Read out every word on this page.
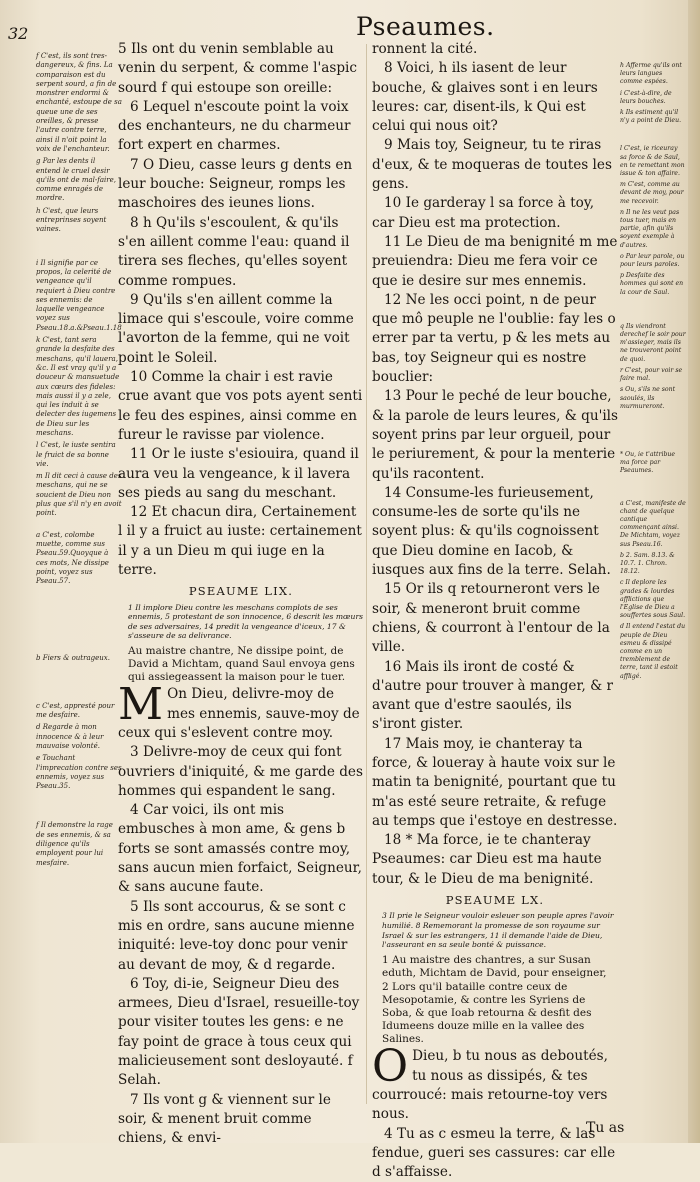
32	Pseaumes.

f C'est, ils sont tres-dangereux, & fins. La comparaison est du serpent sourd, a fin de monstrer endormi & enchanté, estoupe de sa queue une de ses oreilles, & presse l'autre contre terre, ainsi il n'oit point la voix de l'enchanteur.

g Par les dents il entend le cruel desir qu'ils ont de mal-faire, comme enragés de mordre.

h C'est, que leurs entreprinses soyent vaines.

i Il signifie par ce propos, la celerité de vengeance qu'il requiert à Dieu contre ses ennemis: de laquelle vengeance voyez sus Pseau.18.a.&Pseau.1.18

k C'est, tant sera grande la desfaite des meschans, qu'il lauera, &c. Il est vray qu'il y a douceur & mansuetude aux cœurs des fideles: mais aussi il y a zele, qui les induit à se delecter des iugemens de Dieu sur les meschans.

l C'est, le iuste sentira le fruict de sa bonne vie.

m Il dit ceci à cause des meschans, qui ne se soucient de Dieu non plus que s'il n'y en avoit point.

a C'est, colombe muette, comme sus Pseau.59.Quoyque à ces mots, Ne dissipe point, voyez sus Pseau.57.

b Fiers & outrageux.

c C'est, appresté pour me desfaire.

d Regarde à mon innocence & à leur mauvaise volonté.

e Touchant l'imprecation contre ses ennemis, voyez sus Pseau.35.

f Il demonstre la rage de ses ennemis, & sa diligence qu'ils employent pour lui mesfaire.

5 Ils ont du venin semblable au venin du serpent, & comme l'aspic sourd f qui estoupe son oreille:

6 Lequel n'escoute point la voix des enchanteurs, ne du charmeur fort expert en charmes.

7 O Dieu, casse leurs g dents en leur bouche: Seigneur, romps les maschoires des ieunes lions.

8 h Qu'ils s'escoulent, & qu'ils s'en aillent comme l'eau: quand il tirera ses fleches, qu'elles soyent comme rompues.

9 Qu'ils s'en aillent comme la limace qui s'escoule, voire comme l'avorton de la femme, qui ne voit point le Soleil.

10 Comme la chair i est ravie crue avant que vos pots ayent senti le feu des espines, ainsi comme en fureur le ravisse par violence.

11 Or le iuste s'esiouira, quand il aura veu la vengeance, k il lavera ses pieds au sang du meschant.

12 Et chacun dira, Certainement l il y a fruict au iuste: certainement il y a un Dieu m qui iuge en la terre.

PSEAUME LIX.

1 Il implore Dieu contre les meschans complots de ses ennemis, 5 protestant de son innocence, 6 descrit les mœurs de ses adversaires, 14 predit la vengeance d'iceux, 17 & s'asseure de sa delivrance.

Au maistre chantre, Ne dissipe point, de David a Michtam, quand Saul envoya gens qui assiegeassent la maison pour le tuer.

M On Dieu, delivre-moy de mes ennemis, sauve-moy de ceux qui s'eslevent contre moy.

3 Delivre-moy de ceux qui font ouvriers d'iniquité, & me garde des hommes qui espandent le sang.

4 Car voici, ils ont mis embusches à mon ame, & gens b forts se sont amassés contre moy, sans aucun mien forfaict, Seigneur, & sans aucune faute.

5 Ils sont accourus, & se sont c mis en ordre, sans aucune mienne iniquité: leve-toy donc pour venir au devant de moy, & d regarde.

6 Toy, di-ie, Seigneur Dieu des armees, Dieu d'Israel, resueille-toy pour visiter toutes les gens: e ne fay point de grace à tous ceux qui malicieusement sont desloyauté. f Selah.

7 Ils vont g & viennent sur le soir, & menent bruit comme chiens, & envi-

ronnent la cité.

8 Voici, h ils iasent de leur bouche, & glaives sont i en leurs leures: car, disent-ils, k Qui est celui qui nous oit?

9 Mais toy, Seigneur, tu te riras d'eux, & te moqueras de toutes les gens.

10 Ie garderay l sa force à toy, car Dieu est ma protection.

11 Le Dieu de ma benignité m me preuiendra: Dieu me fera voir ce que ie desire sur mes ennemis.

12 Ne les occi point, n de peur que mô peuple ne l'oublie: fay les o errer par ta vertu, p & les mets au bas, toy Seigneur qui es nostre bouclier:

13 Pour le peché de leur bouche, & la parole de leurs leures, & qu'ils soyent prins par leur orgueil, pour le periurement, & pour la menterie qu'ils racontent.

14 Consume-les furieusement, consume-les de sorte qu'ils ne soyent plus: & qu'ils cognoissent que Dieu domine en Iacob, & iusques aux fins de la terre. Selah.

15 Or ils q retourneront vers le soir, & meneront bruit comme chiens, & courront à l'entour de la ville.

16 Mais ils iront de costé & d'autre pour trouver à manger, & r avant que d'estre saoulés, ils s'iront gister.

17 Mais moy, ie chanteray ta force, & loueray à haute voix sur le matin ta benignité, pourtant que tu m'as esté seure retraite, & refuge au temps que i'estoye en destresse.

18 * Ma force, ie te chanteray Pseaumes: car Dieu est ma haute tour, & le Dieu de ma benignité.

PSEAUME LX.

3 Il prie le Seigneur vouloir esleuer son peuple apres l'avoir humilié. 8 Rememorant la promesse de son royaume sur Israel & sur les estrangers, 11 il demande l'aide de Dieu, l'asseurant en sa seule bonté & puissance.

1 Au maistre des chantres, a sur Susan eduth, Michtam de David, pour enseigner,

2 Lors qu'il bataille contre ceux de Mesopotamie, & contre les Syriens de Soba, & que Ioab retourna & desfit des Idumeens douze mille en la vallee des Salines.

O Dieu, b tu nous as deboutés, tu nous as dissipés, & tes courroucé: mais retourne-toy vers nous.

4 Tu as c esmeu la terre, & las fendue, gueri ses cassures: car elle d s'affaisse.

h Afferme qu'ils ont leurs langues comme espées.

i C'est-à-dire, de leurs bouches.

k Ils estiment qu'il n'y a point de Dieu.

l C'est, ie riceuray sa force & de Saul, en te remettant mon issue & ton affaire.

m C'est, comme au devant de moy, pour me recevoir.

n Il ne les veut pas tous tuer, mais en partie, afin qu'ils soyent exemple à d'autres.

o Par leur parole, ou pour leurs paroles.

p Desfaite des hommes qui sont en la cour de Saul.

q Ils viendront derechef le soir pour m'assieger, mais ils ne trouveront point de quoi.

r C'est, pour voir se faire mal.

s Ou, s'ils ne sont saoulés, ils murmureront.

* Ou, ie t'attribue ma force par Pseaumes.

a C'est, manifeste de chant de quelque cantique commençant ainsi. De Michtam, voyez sus Pseau.16.

b 2. Sam. 8.13. & 10.7. 1. Chron. 18.12.

c Il deplore les grades & lourdes afflictions que l'Eglise de Dieu a souffertes sous Saul.

d Il entend l'estat du peuple de Dieu esmeu & dissipé comme en un tremblement de terre, tant il estoit affligé.

Tu as
